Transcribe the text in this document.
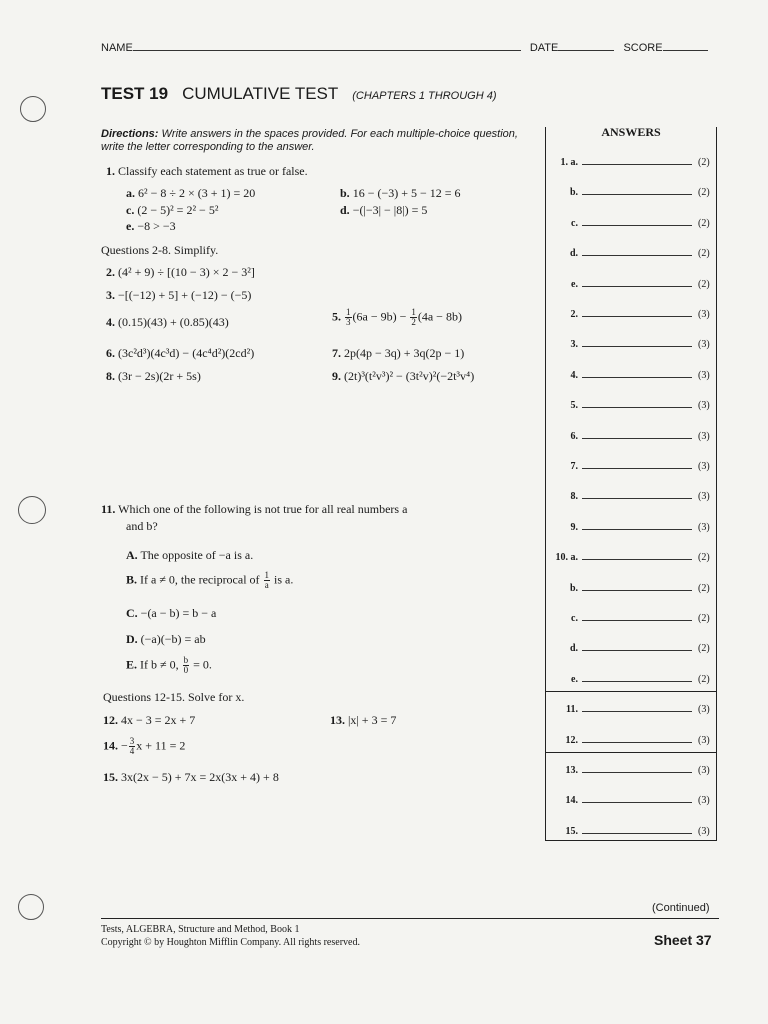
NAME	DATE	SCORE
TEST 19 CUMULATIVE TEST (CHAPTERS 1 THROUGH 4)
Directions: Write answers in the spaces provided. For each multiple-choice question, write the letter corresponding to the answer.
1. Classify each statement as true or false.
a. 6² − 8 ÷ 2 × (3 + 1) = 20	b. 16 − (−3) + 5 − 12 = 6
c. (2 − 5)² = 2² − 5²	d. −(|−3| − |8|) = 5
e. −8 > −3
Questions 2-8. Simplify.
2. (4² + 9) ÷ [(10 − 3) × 2 − 3²]
3. −[(−12) + 5] + (−12) − (−5)
4. (0.15)(43) + (0.85)(43)	5. $\frac{1}{3} (6a - 9b) - \frac{1}{2} (4a - 8b)$
6. (3c²d³)(4c³d) − (4c⁴d²)(2cd²)	7. 2p(4p − 3q) + 3q(2p − 1)
8. (3r − 2s)(2r + 5s)	9. (2t)³(t²v³)² − (3t²v)²(−2t³v⁴)
11. Which one of the following is not true for all real numbers a
and b?
A. The opposite of −a is a.
B. If a ≠ 0, the reciprocal of $\frac{1}{a}$ is a.
C. −(a − b) = b − a
D. (−a)(−b) = ab
E. If b ≠ 0, $\frac{b}{0} = 0$.
Questions 12-15. Solve for x.
12. 4x − 3 = 2x + 7	13. |x| + 3 = 7
14. − $\frac{3}{4}$ x + 11 = 2
15. 3x(2x − 5) + 7x = 2x(3x + 4) + 8
ANSWERS
1. a.	(2)
b.	(2)
c.	(2)
d.	(2)
e.	(2)
2.	(3)
3.	(3)
4.	(3)
5.	(3)
6.	(3)
7.	(3)
8.	(3)
9.	(3)
10. a.	(2)
b.	(2)
c.	(2)
d.	(2)
e.	(2)
11.	(3)
12.	(3)
13.	(3)
14.	(3)
15.	(3)
(Continued)
Tests, ALGEBRA, Structure and Method, Book 1
Copyright © by Houghton Mifflin Company. All rights reserved.	Sheet 37
